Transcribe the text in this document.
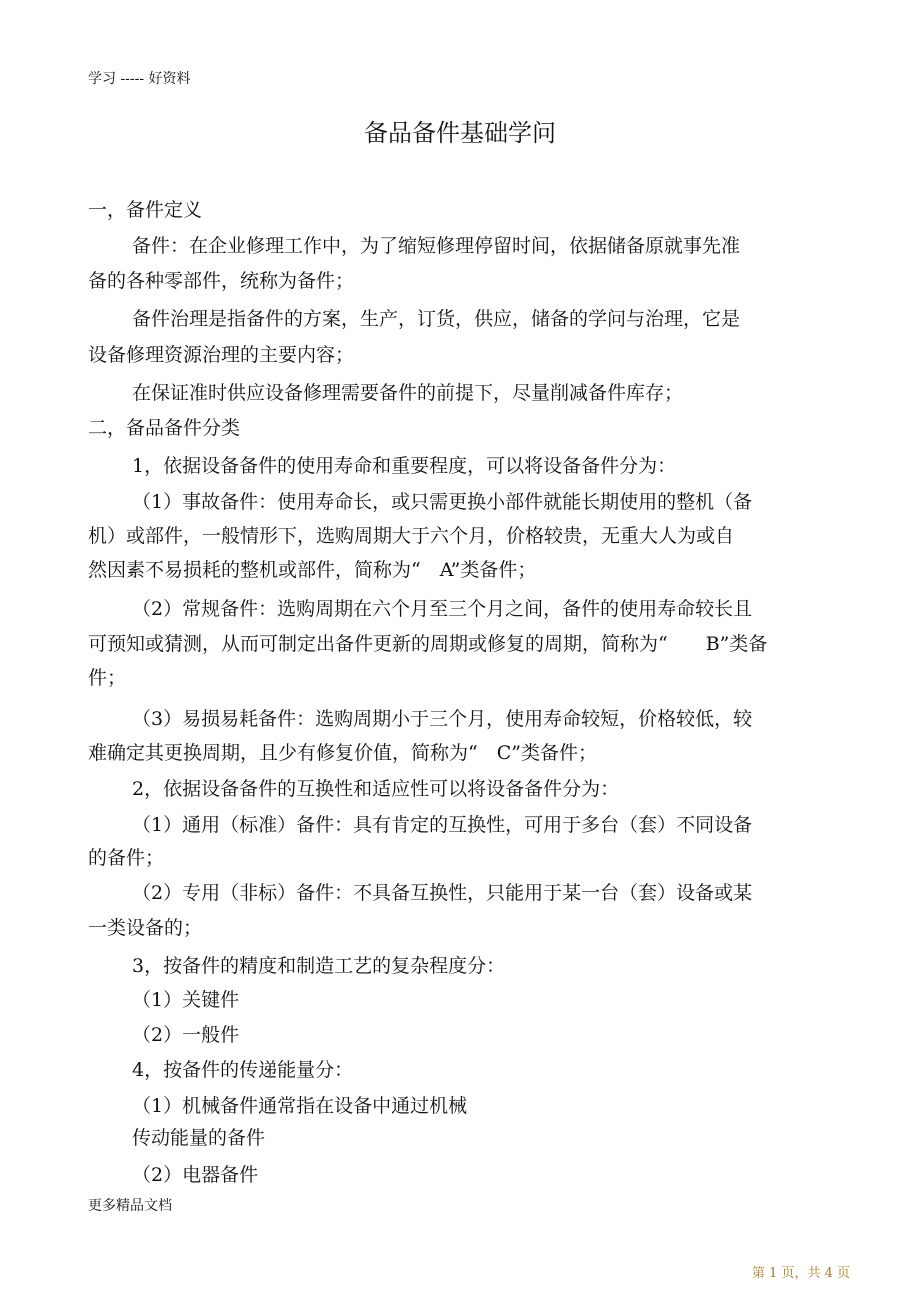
学习 ----- 好资料
备品备件基础学问
一，备件定义
备件：在企业修理工作中，为了缩短修理停留时间，依据储备原就事先准
备的各种零部件，统称为备件；
备件治理是指备件的方案，生产，订货，供应，储备的学问与治理，它是
设备修理资源治理的主要内容；
在保证准时供应设备修理需要备件的前提下，尽量削减备件库存；
二，备品备件分类
1，依据设备备件的使用寿命和重要程度，可以将设备备件分为：
（1）事故备件：使用寿命长，或只需更换小部件就能长期使用的整机（备
机）或部件，一般情形下，选购周期大于六个月，价格较贵，无重大人为或自
然因素不易损耗的整机或部件，简称为“　A”类备件；
（2）常规备件：选购周期在六个月至三个月之间，备件的使用寿命较长且
可预知或猜测，从而可制定出备件更新的周期或修复的周期，简称为“　　B”类备
件；
（3）易损易耗备件：选购周期小于三个月，使用寿命较短，价格较低，较
难确定其更换周期，且少有修复价值，简称为“　C”类备件；
2，依据设备备件的互换性和适应性可以将设备备件分为：
（1）通用（标准）备件：具有肯定的互换性，可用于多台（套）不同设备
的备件；
（2）专用（非标）备件：不具备互换性，只能用于某一台（套）设备或某
一类设备的；
3，按备件的精度和制造工艺的复杂程度分：
（1）关键件
（2）一般件
4，按备件的传递能量分：
（1）机械备件通常指在设备中通过机械
传动能量的备件
（2）电器备件
更多精品文档
第 1 页，共 4 页
